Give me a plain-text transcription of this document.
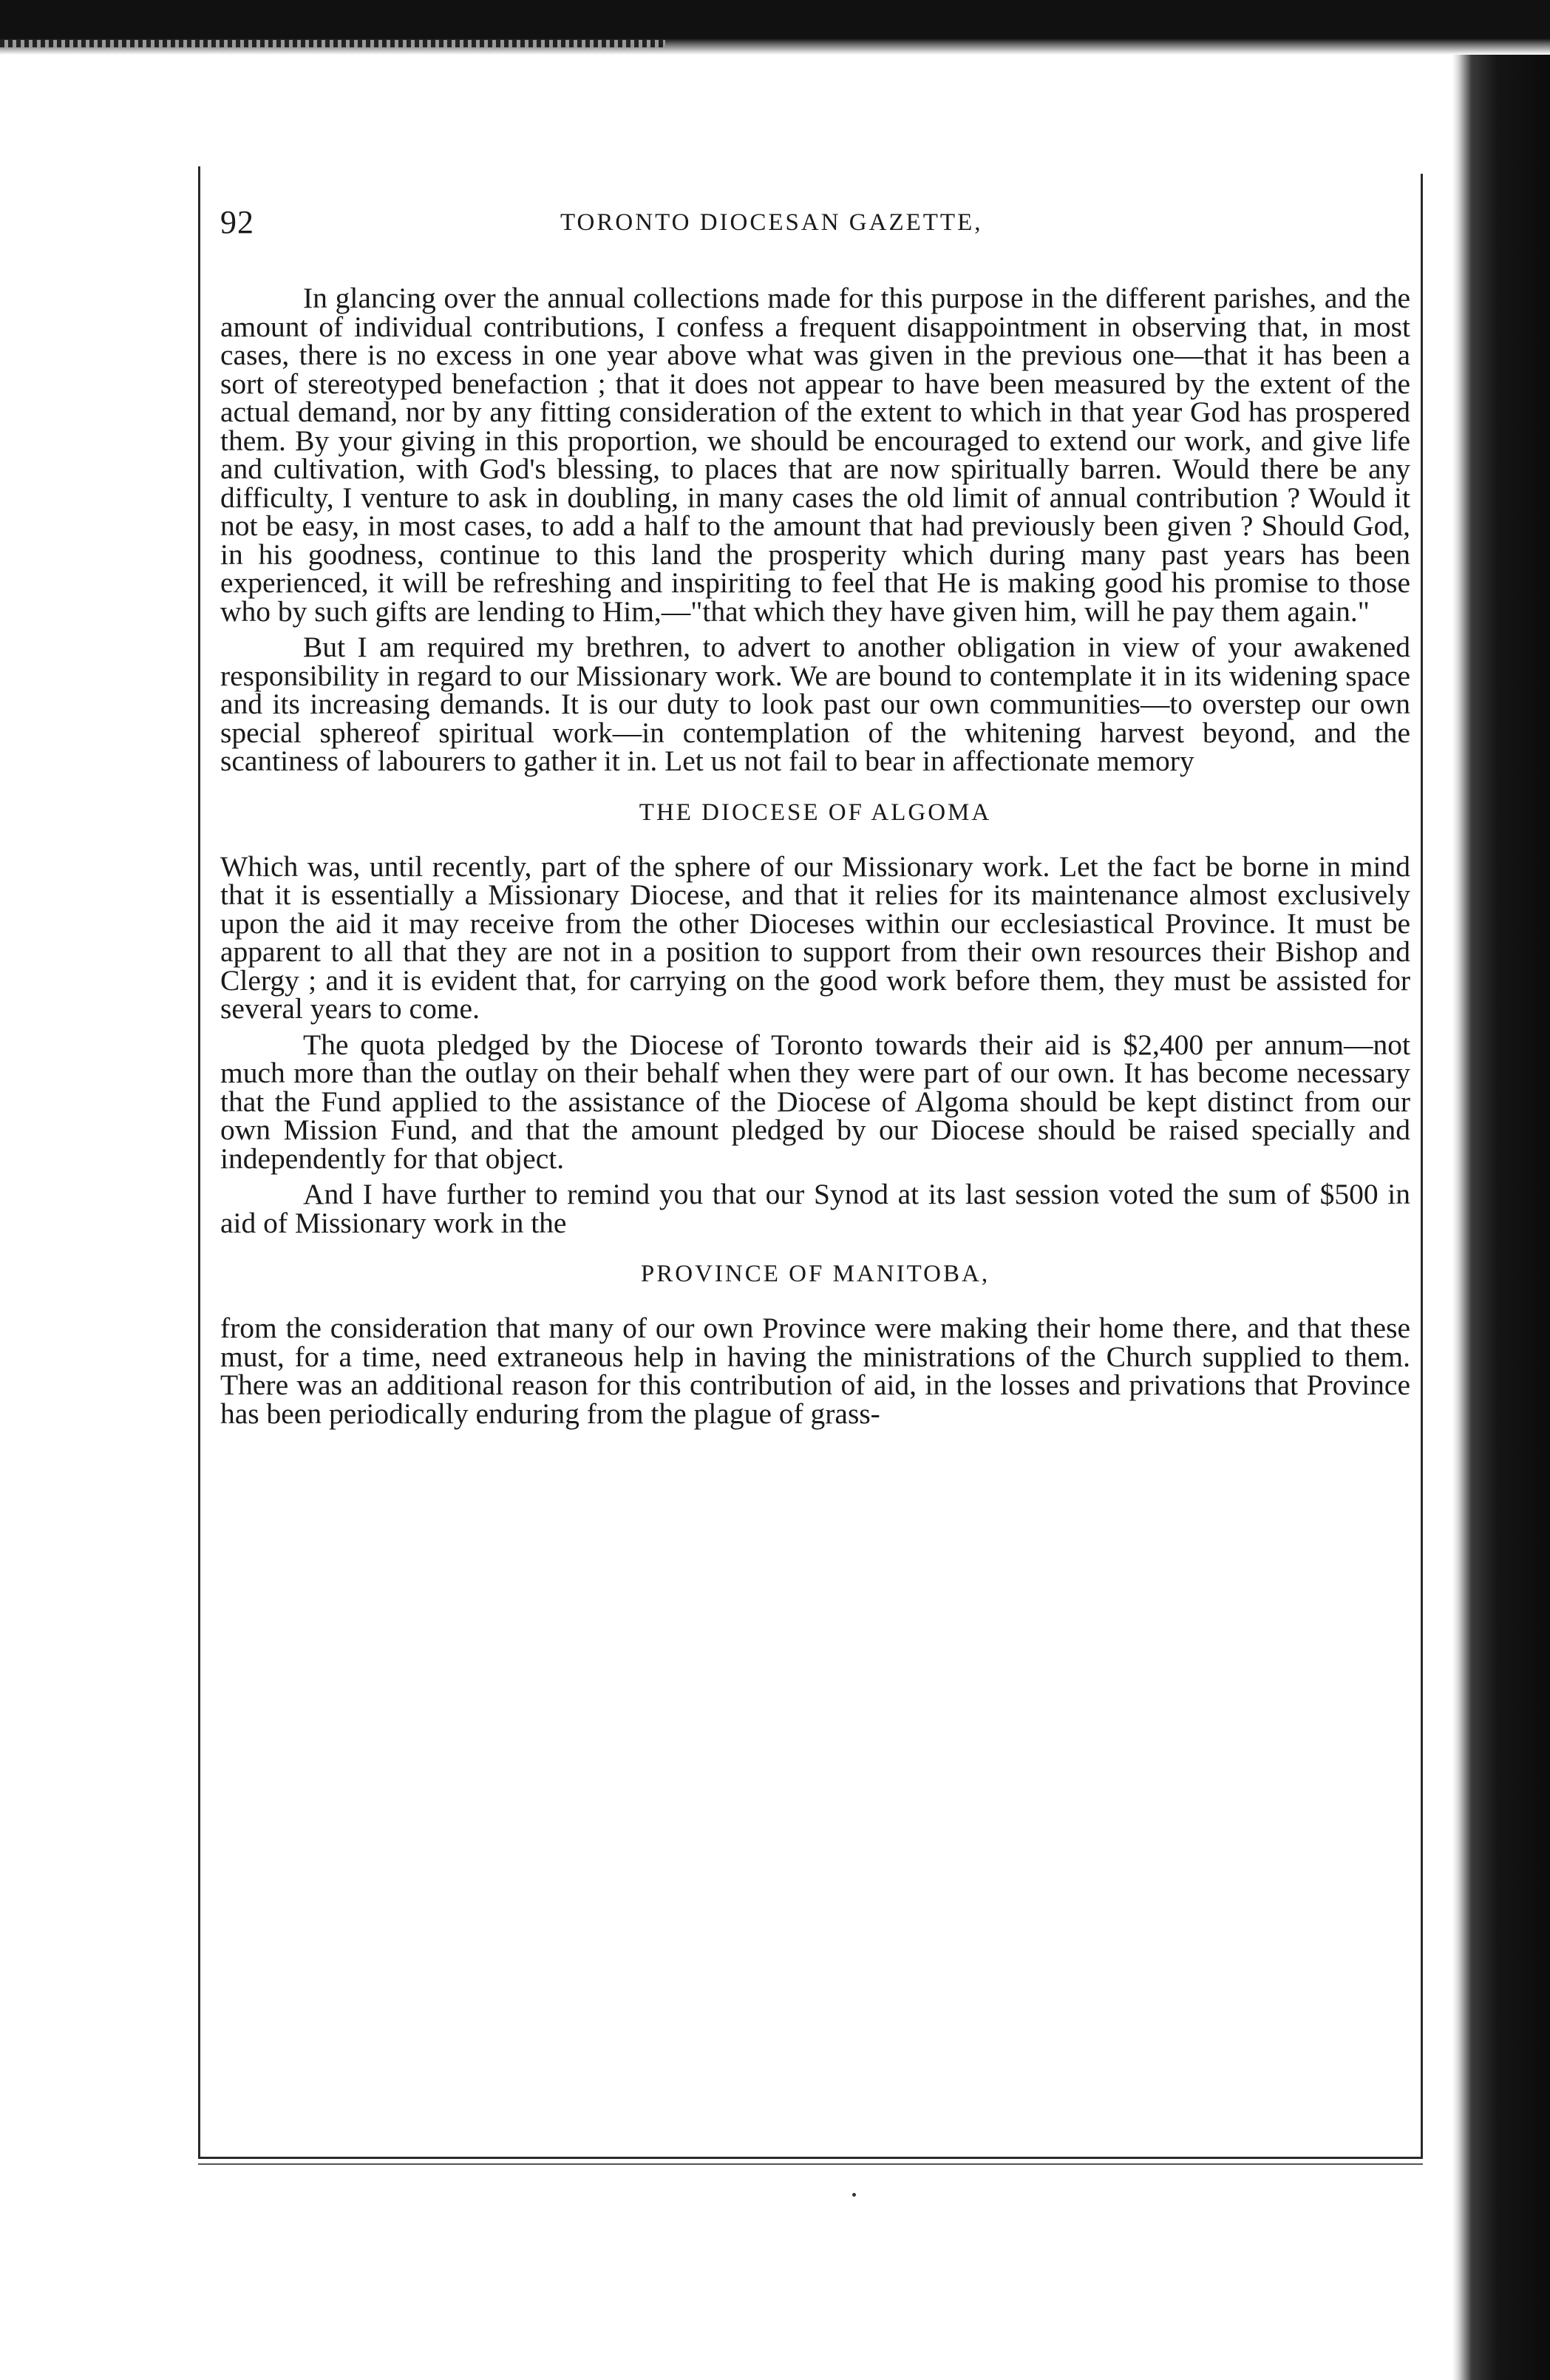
92	TORONTO DIOCESAN GAZETTE,

In glancing over the annual collections made for this purpose in the different parishes, and the amount of individual contributions, I confess a frequent disappointment in observing that, in most cases, there is no excess in one year above what was given in the previous one—that it has been a sort of stereotyped benefaction ; that it does not appear to have been measured by the extent of the actual demand, nor by any fitting consideration of the extent to which in that year God has prospered them. By your giving in this proportion, we should be encouraged to extend our work, and give life and cultivation, with God's blessing, to places that are now spiritually barren. Would there be any difficulty, I venture to ask in doubling, in many cases the old limit of annual contribution ? Would it not be easy, in most cases, to add a half to the amount that had previously been given ? Should God, in his goodness, continue to this land the prosperity which during many past years has been experienced, it will be refreshing and inspiriting to feel that He is making good his promise to those who by such gifts are lending to Him,—"that which they have given him, will he pay them again."

But I am required my brethren, to advert to another obligation in view of your awakened responsibility in regard to our Missionary work. We are bound to contemplate it in its widening space and its increasing demands. It is our duty to look past our own communities—to overstep our own special sphereof spiritual work—in contemplation of the whitening harvest beyond, and the scantiness of labourers to gather it in. Let us not fail to bear in affectionate memory

THE DIOCESE OF ALGOMA

Which was, until recently, part of the sphere of our Missionary work. Let the fact be borne in mind that it is essentially a Missionary Diocese, and that it relies for its maintenance almost exclusively upon the aid it may receive from the other Dioceses within our ecclesiastical Province. It must be apparent to all that they are not in a position to support from their own resources their Bishop and Clergy ; and it is evident that, for carrying on the good work before them, they must be assisted for several years to come.

The quota pledged by the Diocese of Toronto towards their aid is $2,400 per annum—not much more than the outlay on their behalf when they were part of our own. It has become necessary that the Fund applied to the assistance of the Diocese of Algoma should be kept distinct from our own Mission Fund, and that the amount pledged by our Diocese should be raised specially and independently for that object.

And I have further to remind you that our Synod at its last session voted the sum of $500 in aid of Missionary work in the

PROVINCE OF MANITOBA,

from the consideration that many of our own Province were making their home there, and that these must, for a time, need extraneous help in having the ministrations of the Church supplied to them. There was an additional reason for this contribution of aid, in the losses and privations that Province has been periodically enduring from the plague of grass-
